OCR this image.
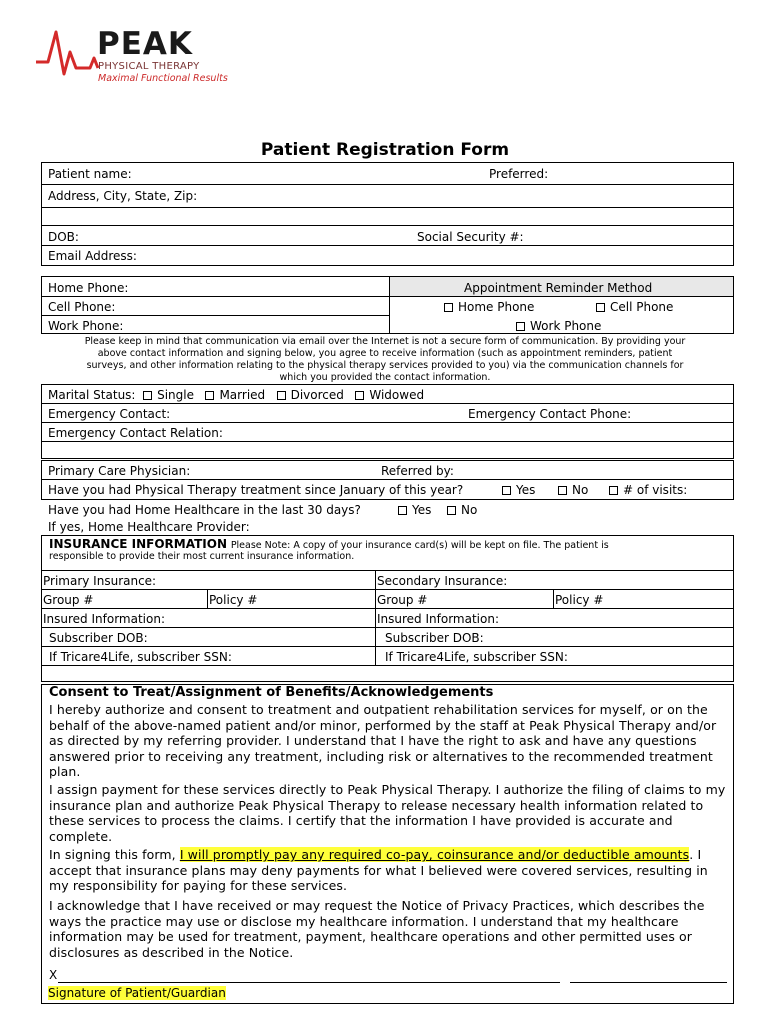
PEAK
PHYSICAL THERAPY
Maximal Functional Results
Patient Registration Form
Patient name:	Preferred:
Address, City, State, Zip:
DOB:	Social Security #:
Email Address:
Home Phone:
Cell Phone:
Work Phone:
Appointment Reminder Method
Home Phone	Cell Phone
Work Phone
Please keep in mind that communication via email over the Internet is not a secure form of communication. By providing your
above contact information and signing below, you agree to receive information (such as appointment reminders, patient
surveys, and other information relating to the physical therapy services provided to you) via the communication channels for
which you provided the contact information.
Marital Status: Single Married Divorced Widowed
Emergency Contact:	Emergency Contact Phone:
Emergency Contact Relation:
Primary Care Physician:	Referred by:
Have you had Physical Therapy treatment since January of this year?	Yes	No	# of visits:
Have you had Home Healthcare in the last 30 days?	Yes	No
If yes, Home Healthcare Provider:
INSURANCE INFORMATION Please Note: A copy of your insurance card(s) will be kept on file. The patient is
responsible to provide their most current insurance information.
Primary Insurance:	Secondary Insurance:
Group #	Policy #	Group #	Policy #
Insured Information:	Insured Information:
Subscriber DOB:	Subscriber DOB:
If Tricare4Life, subscriber SSN:	If Tricare4Life, subscriber SSN:
Consent to Treat/Assignment of Benefits/Acknowledgements
I hereby authorize and consent to treatment and outpatient rehabilitation services for myself, or on the behalf of the above-named patient and/or minor, performed by the staff at Peak Physical Therapy and/or as directed by my referring provider. I understand that I have the right to ask and have any questions answered prior to receiving any treatment, including risk or alternatives to the recommended treatment plan.
I assign payment for these services directly to Peak Physical Therapy. I authorize the filing of claims to my insurance plan and authorize Peak Physical Therapy to release necessary health information related to these services to process the claims. I certify that the information I have provided is accurate and complete.
In signing this form, I will promptly pay any required co-pay, coinsurance and/or deductible amounts. I accept that insurance plans may deny payments for what I believed were covered services, resulting in my responsibility for paying for these services.
I acknowledge that I have received or may request the Notice of Privacy Practices, which describes the ways the practice may use or disclose my healthcare information. I understand that my healthcare information may be used for treatment, payment, healthcare operations and other permitted uses or disclosures as described in the Notice.
X
Signature of Patient/Guardian
